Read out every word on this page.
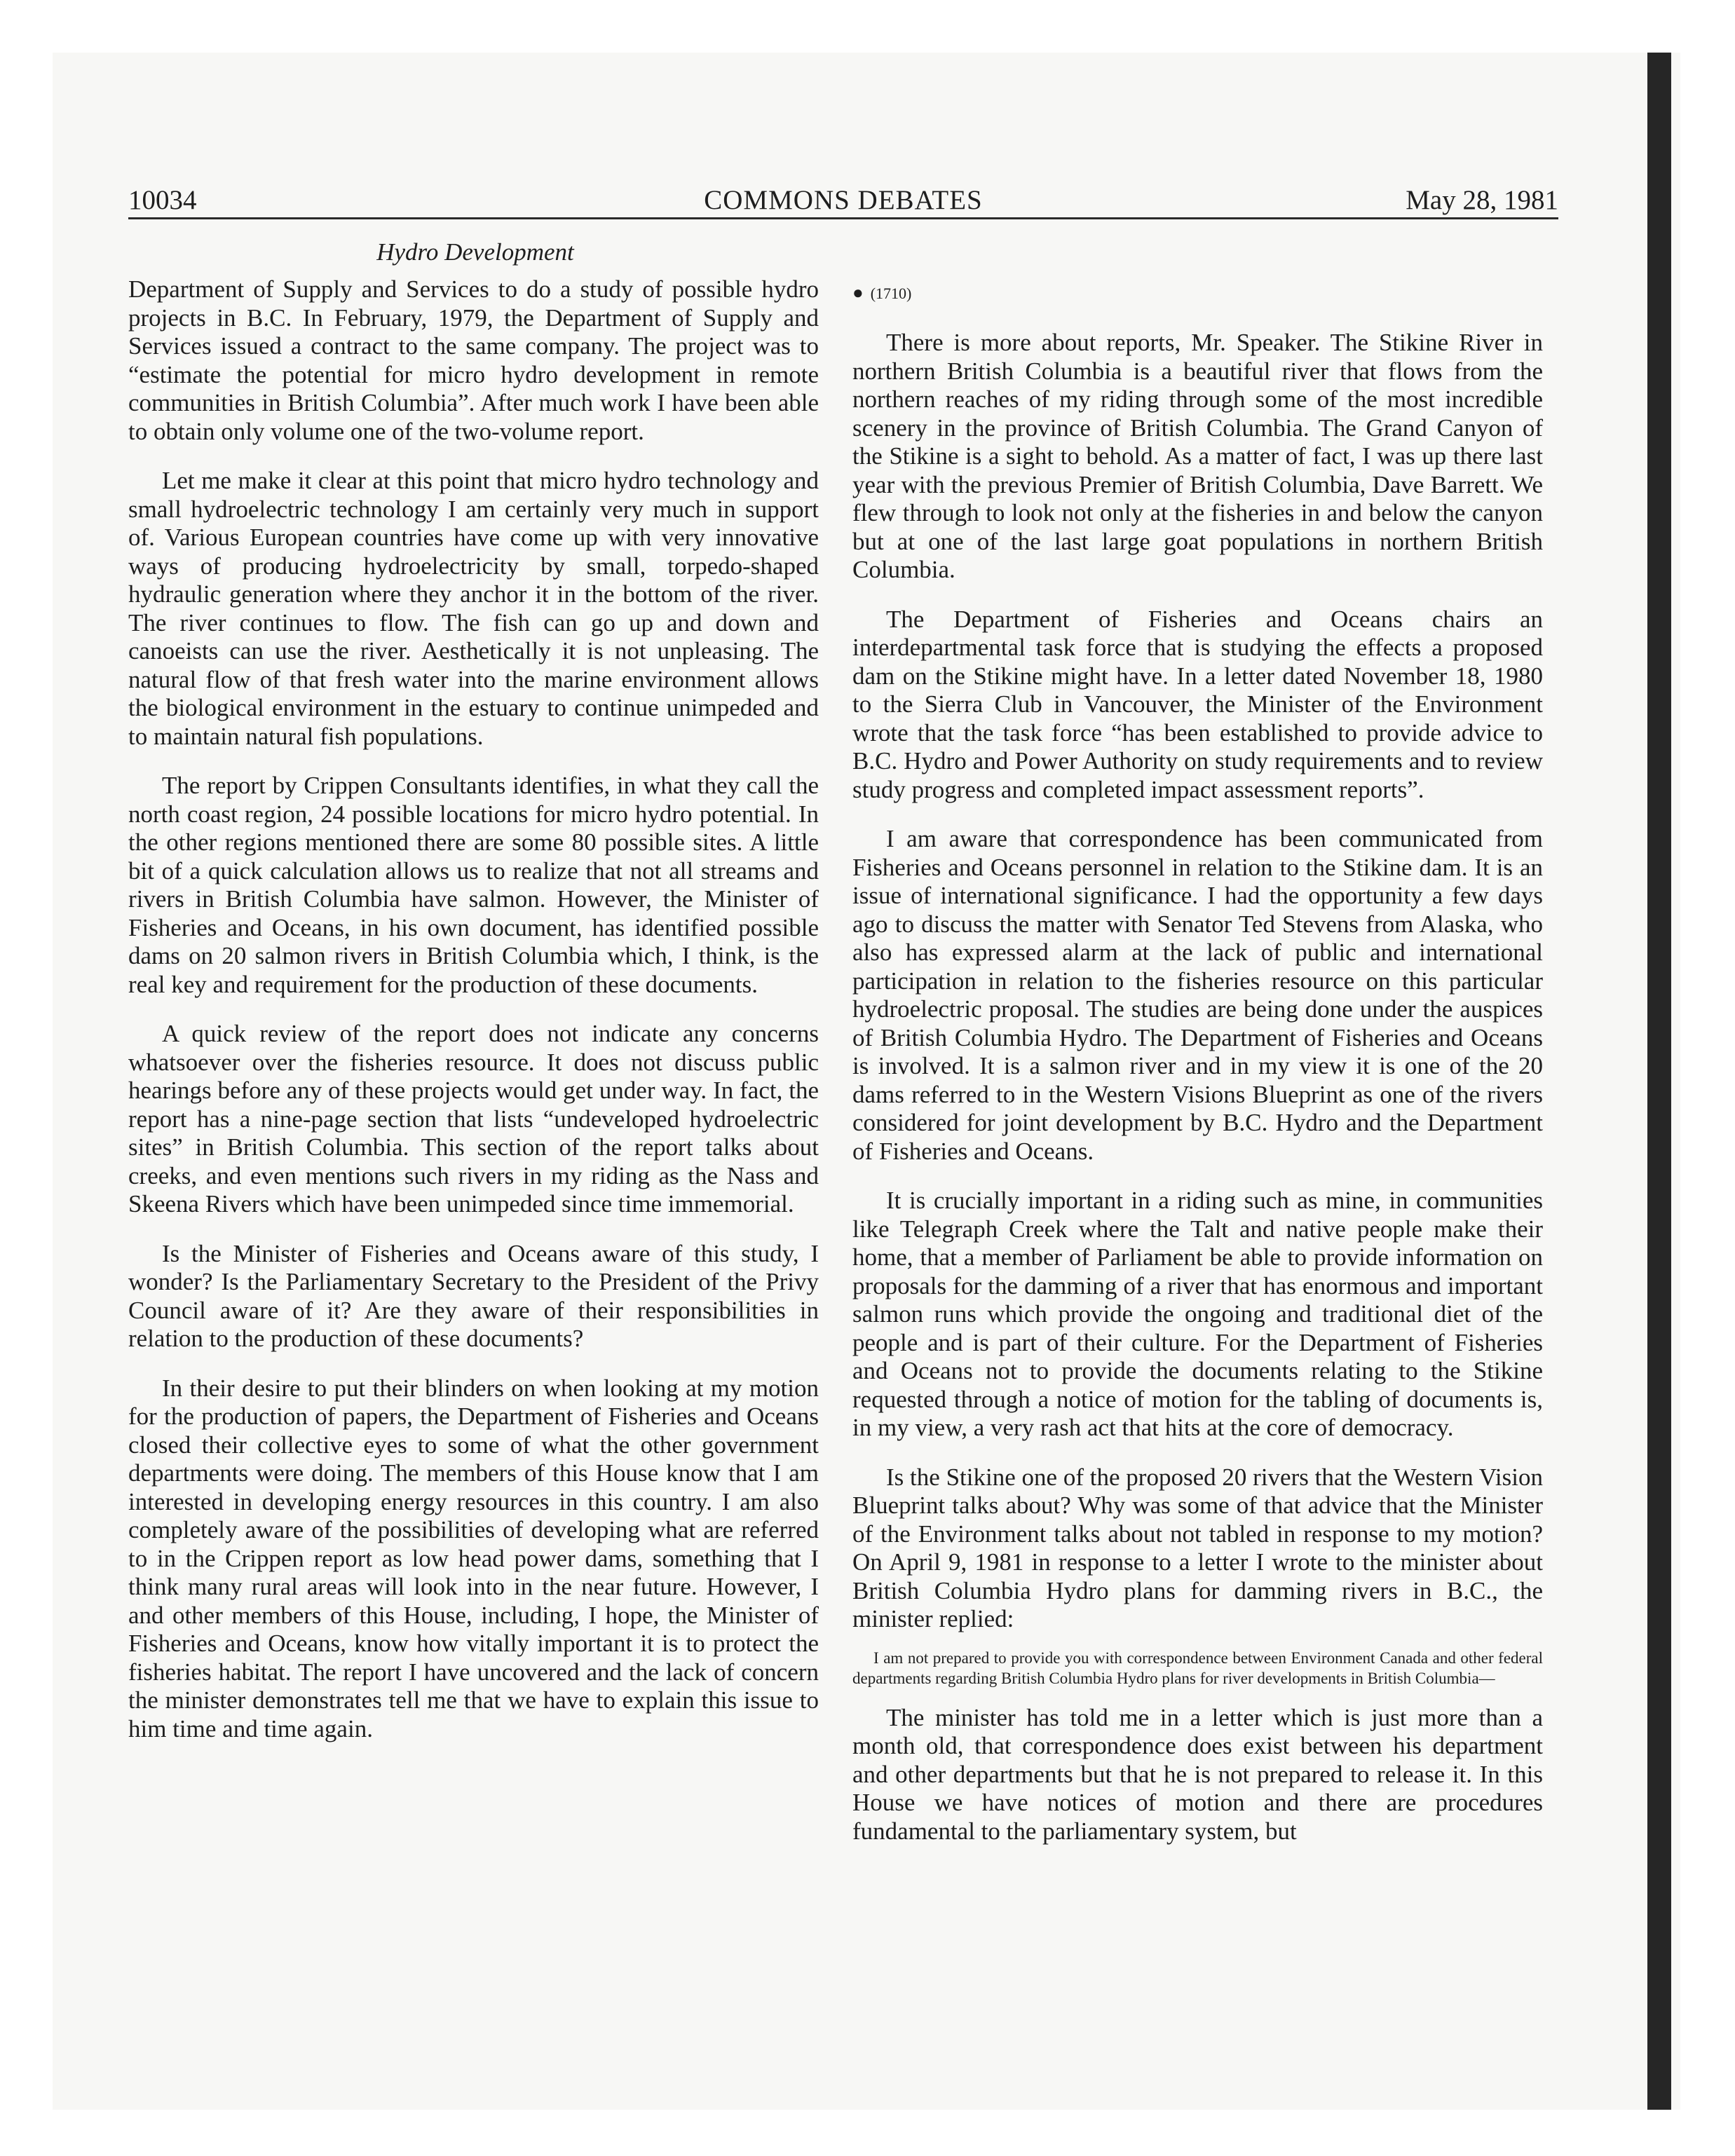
10034	COMMONS DEBATES	May 28, 1981
Hydro Development

Department of Supply and Services to do a study of possible hydro projects in B.C. In February, 1979, the Department of Supply and Services issued a contract to the same company. The project was to “estimate the potential for micro hydro development in remote communities in British Columbia”. After much work I have been able to obtain only volume one of the two-volume report.

Let me make it clear at this point that micro hydro technology and small hydroelectric technology I am certainly very much in support of. Various European countries have come up with very innovative ways of producing hydroelectricity by small, torpedo-shaped hydraulic generation where they anchor it in the bottom of the river. The river continues to flow. The fish can go up and down and canoeists can use the river. Aesthetically it is not unpleasing. The natural flow of that fresh water into the marine environment allows the biological environment in the estuary to continue unimpeded and to maintain natural fish populations.

The report by Crippen Consultants identifies, in what they call the north coast region, 24 possible locations for micro hydro potential. In the other regions mentioned there are some 80 possible sites. A little bit of a quick calculation allows us to realize that not all streams and rivers in British Columbia have salmon. However, the Minister of Fisheries and Oceans, in his own document, has identified possible dams on 20 salmon rivers in British Columbia which, I think, is the real key and requirement for the production of these documents.

A quick review of the report does not indicate any concerns whatsoever over the fisheries resource. It does not discuss public hearings before any of these projects would get under way. In fact, the report has a nine-page section that lists “undeveloped hydroelectric sites” in British Columbia. This section of the report talks about creeks, and even mentions such rivers in my riding as the Nass and Skeena Rivers which have been unimpeded since time immemorial.

Is the Minister of Fisheries and Oceans aware of this study, I wonder? Is the Parliamentary Secretary to the President of the Privy Council aware of it? Are they aware of their responsibilities in relation to the production of these documents?

In their desire to put their blinders on when looking at my motion for the production of papers, the Department of Fisheries and Oceans closed their collective eyes to some of what the other government departments were doing. The members of this House know that I am interested in developing energy resources in this country. I am also completely aware of the possibilities of developing what are referred to in the Crippen report as low head power dams, something that I think many rural areas will look into in the near future. However, I and other members of this House, including, I hope, the Minister of Fisheries and Oceans, know how vitally important it is to protect the fisheries habitat. The report I have uncovered and the lack of concern the minister demonstrates tell me that we have to explain this issue to him time and time again.

● (1710)

There is more about reports, Mr. Speaker. The Stikine River in northern British Columbia is a beautiful river that flows from the northern reaches of my riding through some of the most incredible scenery in the province of British Columbia. The Grand Canyon of the Stikine is a sight to behold. As a matter of fact, I was up there last year with the previous Premier of British Columbia, Dave Barrett. We flew through to look not only at the fisheries in and below the canyon but at one of the last large goat populations in northern British Columbia.

The Department of Fisheries and Oceans chairs an interdepartmental task force that is studying the effects a proposed dam on the Stikine might have. In a letter dated November 18, 1980 to the Sierra Club in Vancouver, the Minister of the Environment wrote that the task force “has been established to provide advice to B.C. Hydro and Power Authority on study requirements and to review study progress and completed impact assessment reports”.

I am aware that correspondence has been communicated from Fisheries and Oceans personnel in relation to the Stikine dam. It is an issue of international significance. I had the opportunity a few days ago to discuss the matter with Senator Ted Stevens from Alaska, who also has expressed alarm at the lack of public and international participation in relation to the fisheries resource on this particular hydroelectric proposal. The studies are being done under the auspices of British Columbia Hydro. The Department of Fisheries and Oceans is involved. It is a salmon river and in my view it is one of the 20 dams referred to in the Western Visions Blueprint as one of the rivers considered for joint development by B.C. Hydro and the Department of Fisheries and Oceans.

It is crucially important in a riding such as mine, in communities like Telegraph Creek where the Talt and native people make their home, that a member of Parliament be able to provide information on proposals for the damming of a river that has enormous and important salmon runs which provide the ongoing and traditional diet of the people and is part of their culture. For the Department of Fisheries and Oceans not to provide the documents relating to the Stikine requested through a notice of motion for the tabling of documents is, in my view, a very rash act that hits at the core of democracy.

Is the Stikine one of the proposed 20 rivers that the Western Vision Blueprint talks about? Why was some of that advice that the Minister of the Environment talks about not tabled in response to my motion? On April 9, 1981 in response to a letter I wrote to the minister about British Columbia Hydro plans for damming rivers in B.C., the minister replied:

I am not prepared to provide you with correspondence between Environment Canada and other federal departments regarding British Columbia Hydro plans for river developments in British Columbia—

The minister has told me in a letter which is just more than a month old, that correspondence does exist between his department and other departments but that he is not prepared to release it. In this House we have notices of motion and there are procedures fundamental to the parliamentary system, but
